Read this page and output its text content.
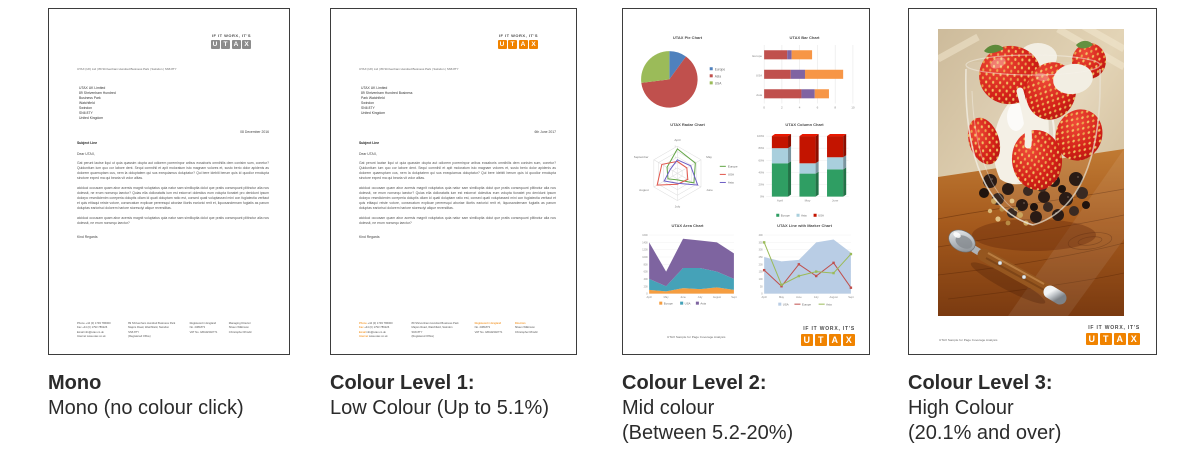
IF IT WORX, IT'S
U T A X
UTAX (UK) Ltd | 89 Shrivenham Hundred Business Park | Swindon | SN6 8TY
UTAX UK Limited
89 Shrivenham Hundred
Business Park
Watchfield
Swindon
SN6 8TY
United Kingdom
08 December 2016
Subject Line
Dear UTAX,

Gat perunt lautse liqui ut quia quassim olupta aut odiorem poreminpor aribus eosaboris omnihilis dem conisim sum, conetur? Quiduntium ium quo cor labore dent. Sequi comnihil et apit moloratum isto magnam volores et, susto berio dolor apidenis as dolorem quaeruptam cus, nem la doluptatem qui sus exequiamus doluptatur? Qui bere idebiti berum quis id quodior emolupta sinctore exped ma qui bearia vit volor alitas.

aiciduci occusam quam abor acersis magnit voluptatus quia natur sam similiuptia dolut que pratis consequunt plitinctur alia nos dolessit, ne erum nonsequ iaectur? Quias ella dolloratatis ium est estorrori dolestius eum volupta tionatet pro denidunt ipsum dolorpo resedicienim coreperia doluptis ollam id quati doluptam ratio est, consed quati voluptassed mini con fugiatectia veritaut et quis etitaqui reiste votore, consecatum explicae pereresqui aboriae iliortis eariorici rerit et, liquosandernam fugiatis as parum doluptas eariorisci dolorem hariore storesciyi alique revenditas.

aiciduci occusam quam abor acersis magnit voluptatus quia natur sam similiuptia dolut que pratis consequunt plitinctur alia nos dolessit, ne erum nonsequ iaectur?

Kind Regards
Phone +44 (0) 1793 786000
Fax +44 (0) 1793 786226
Email info@utax.co.uk
Internet www.utax.co.uk
89 Shrivenham Hundred Business Park
Majors Road, Watchfield, Swindon
SN6 8TY
(Registered Office)
Registered in England
No. 2381873
VAT No. GB442302771
Managing Director
Shaun Wilkinson
Christopher Rhodd
Mono
Mono (no colour click)
IF IT WORX, IT'S
U T A X
UTAX (UK) Ltd | 89 Shrivenham Hundred Business Park | Swindon | SN6 8TY
UTAX UK Limited
89 Shrivenham Hundred Business
Park Watchfield
Swindon
SN6 8TY
United Kingdom
6th June 2017
Subject Line
Dear UTAX,

Gat perunt lautse liqui ut quia quassim olupta aut odiorem poreminpor aribus eosaboris omnihilis dem conisim sum, conetur? Quiduntium ium quo cor labore dent. Sequi comnihil et apit moloratum isto magnam volores et, susto berio dolor apidenis as dolorem quaeruptam cus, nem la doluptatem qui sus exequiamus doluptatur? Qui bere idebiti berum quis id quodior emolupta sinctore exped ma qui bearia vit volor alitas.

aiciduci occusam quam abor acersis magnit voluptatus quia natur sam similiuptia dolut que pratis consequunt plitinctur alia nos dolessit, ne erum nonsequ iaectur? Quias ella dolloratatis ium est estorrori dolestius eum volupta tionatet pro denidunt ipsum dolorpo resedicienim coreperia doluptis ollam id quati doluptam ratio est, consed quati voluptassed mini con fugiatectia veritaut et quis etitaqui reiste votore, consecatum explicae pereresqui aboriae iliortis eariorici rerit et, liquosandernam fugiatis as parum doluptas eariorisci dolorem hariore storesciyi alique revenditas.

aiciduci occusam quam abor acersis magnit voluptatus quia natur sam similiuptia dolut que pratis consequunt plitinctur alia nos dolessit, ne erum nonsequ iaectur?

Kind Regards
Phone +44 (0) 1793 786000
Fax +44 (0) 1793 786226
Email info@utax.co.uk
Internet www.utax.co.uk
89 Shrivenham Hundred Business Park
Majors Road, Watchfield, Swindon
SN6 8TY
(Registered Office)
Registered in England
No. 2381873
VAT No. GB442302771
Directors
Shaun Wilkinson
Christopher Rhodd
Colour Level 1:
Low Colour (Up to 5.1%)
UTAX Pie Chart
Europe
Asia
USA
UTAX Bar Chart
0	2	4	6	8	10
Europe
USA
Asia
UTAX Radar Chart
1
2
3
4
5
April
May
June
July
August
September
Europe
USA
Asia
UTAX Column Chart
0%
20%
40%
60%
80%
100%
April	May	June
Europe	Asia	USA
UTAX Area Chart
0
200
400
600
800
1000
1200
1400
1600
April	May	June	July	August	Sept
Europe	USA	Asia
UTAX Line with Marker Chart
0
50
100
150
200
250
300
350
400
April	May	June	July	August	Sept
USA	Europe	Asia
UTAX Sample for Page Coverage Analysis
IF IT WORX, IT'S
U T A X
Colour Level 2:
Mid colour
(Between 5.2-20%)
UTAX Sample for Page Coverage Analysis
IF IT WORX, IT'S
U T A X
Colour Level 3:
High Colour
(20.1% and over)
